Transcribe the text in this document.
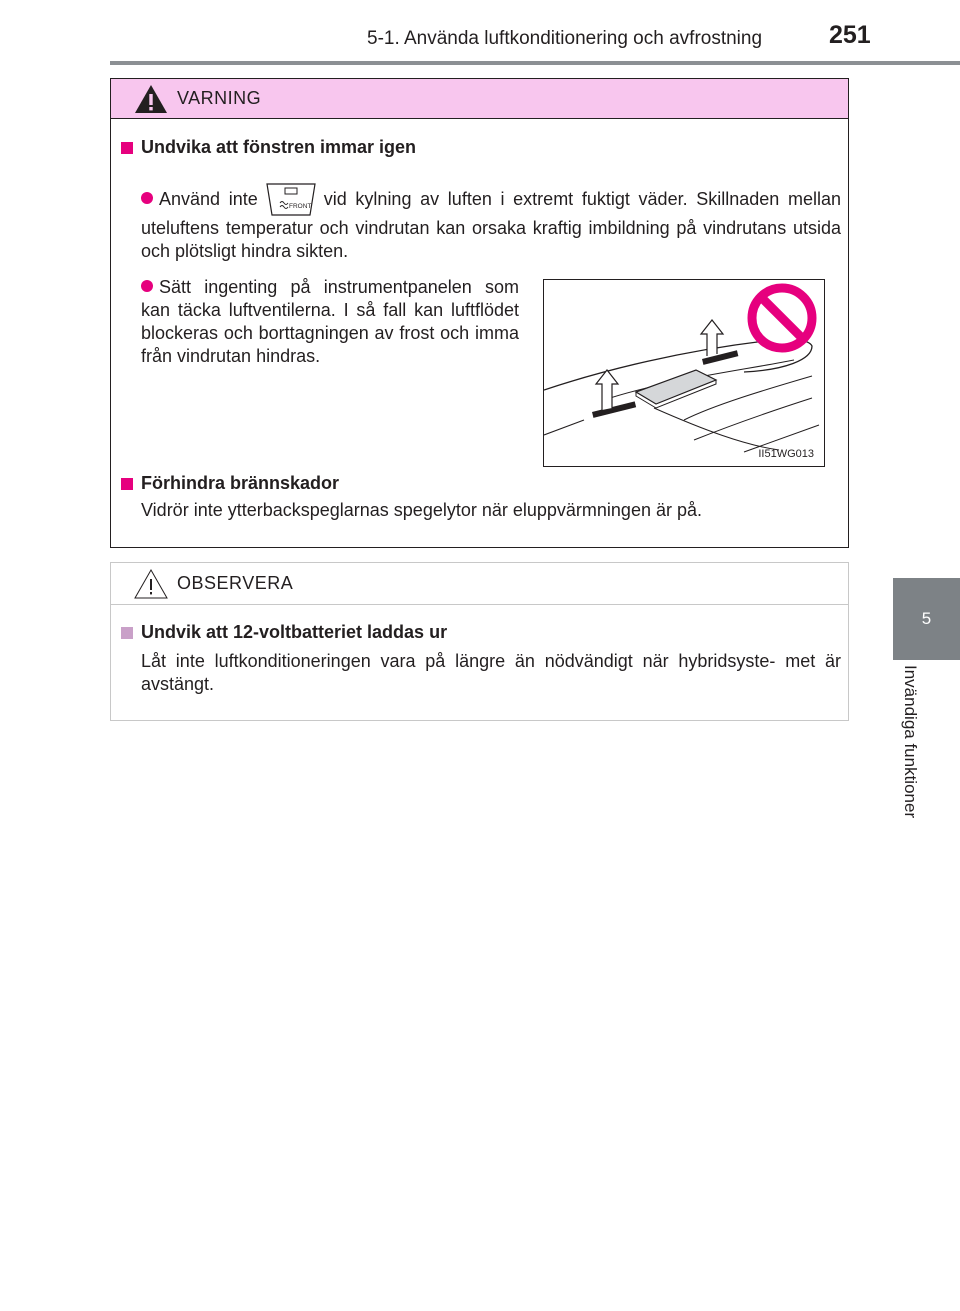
5-1. Använda luftkonditionering och avfrostning	251
5
Invändiga funktioner
VARNING
Undvika att fönstren immar igen
Använd inte	FRONT vid kylning av luften i extremt fuktigt väder. Skillnaden mellan uteluftens temperatur och vindrutan kan orsaka kraftig imbildning på vindrutans utsida och plötsligt hindra sikten.
Sätt ingenting på instrumentpanelen som kan täcka luftventilerna. I så fall kan luftflödet blockeras och borttagningen av frost och imma från vindrutan hindras.
II51WG013
Förhindra brännskador
Vidrör inte ytterbackspeglarnas spegelytor när eluppvärmningen är på.
OBSERVERA
Undvik att 12-voltbatteriet laddas ur
Låt inte luftkonditioneringen vara på längre än nödvändigt när hybridsyste- met är avstängt.
